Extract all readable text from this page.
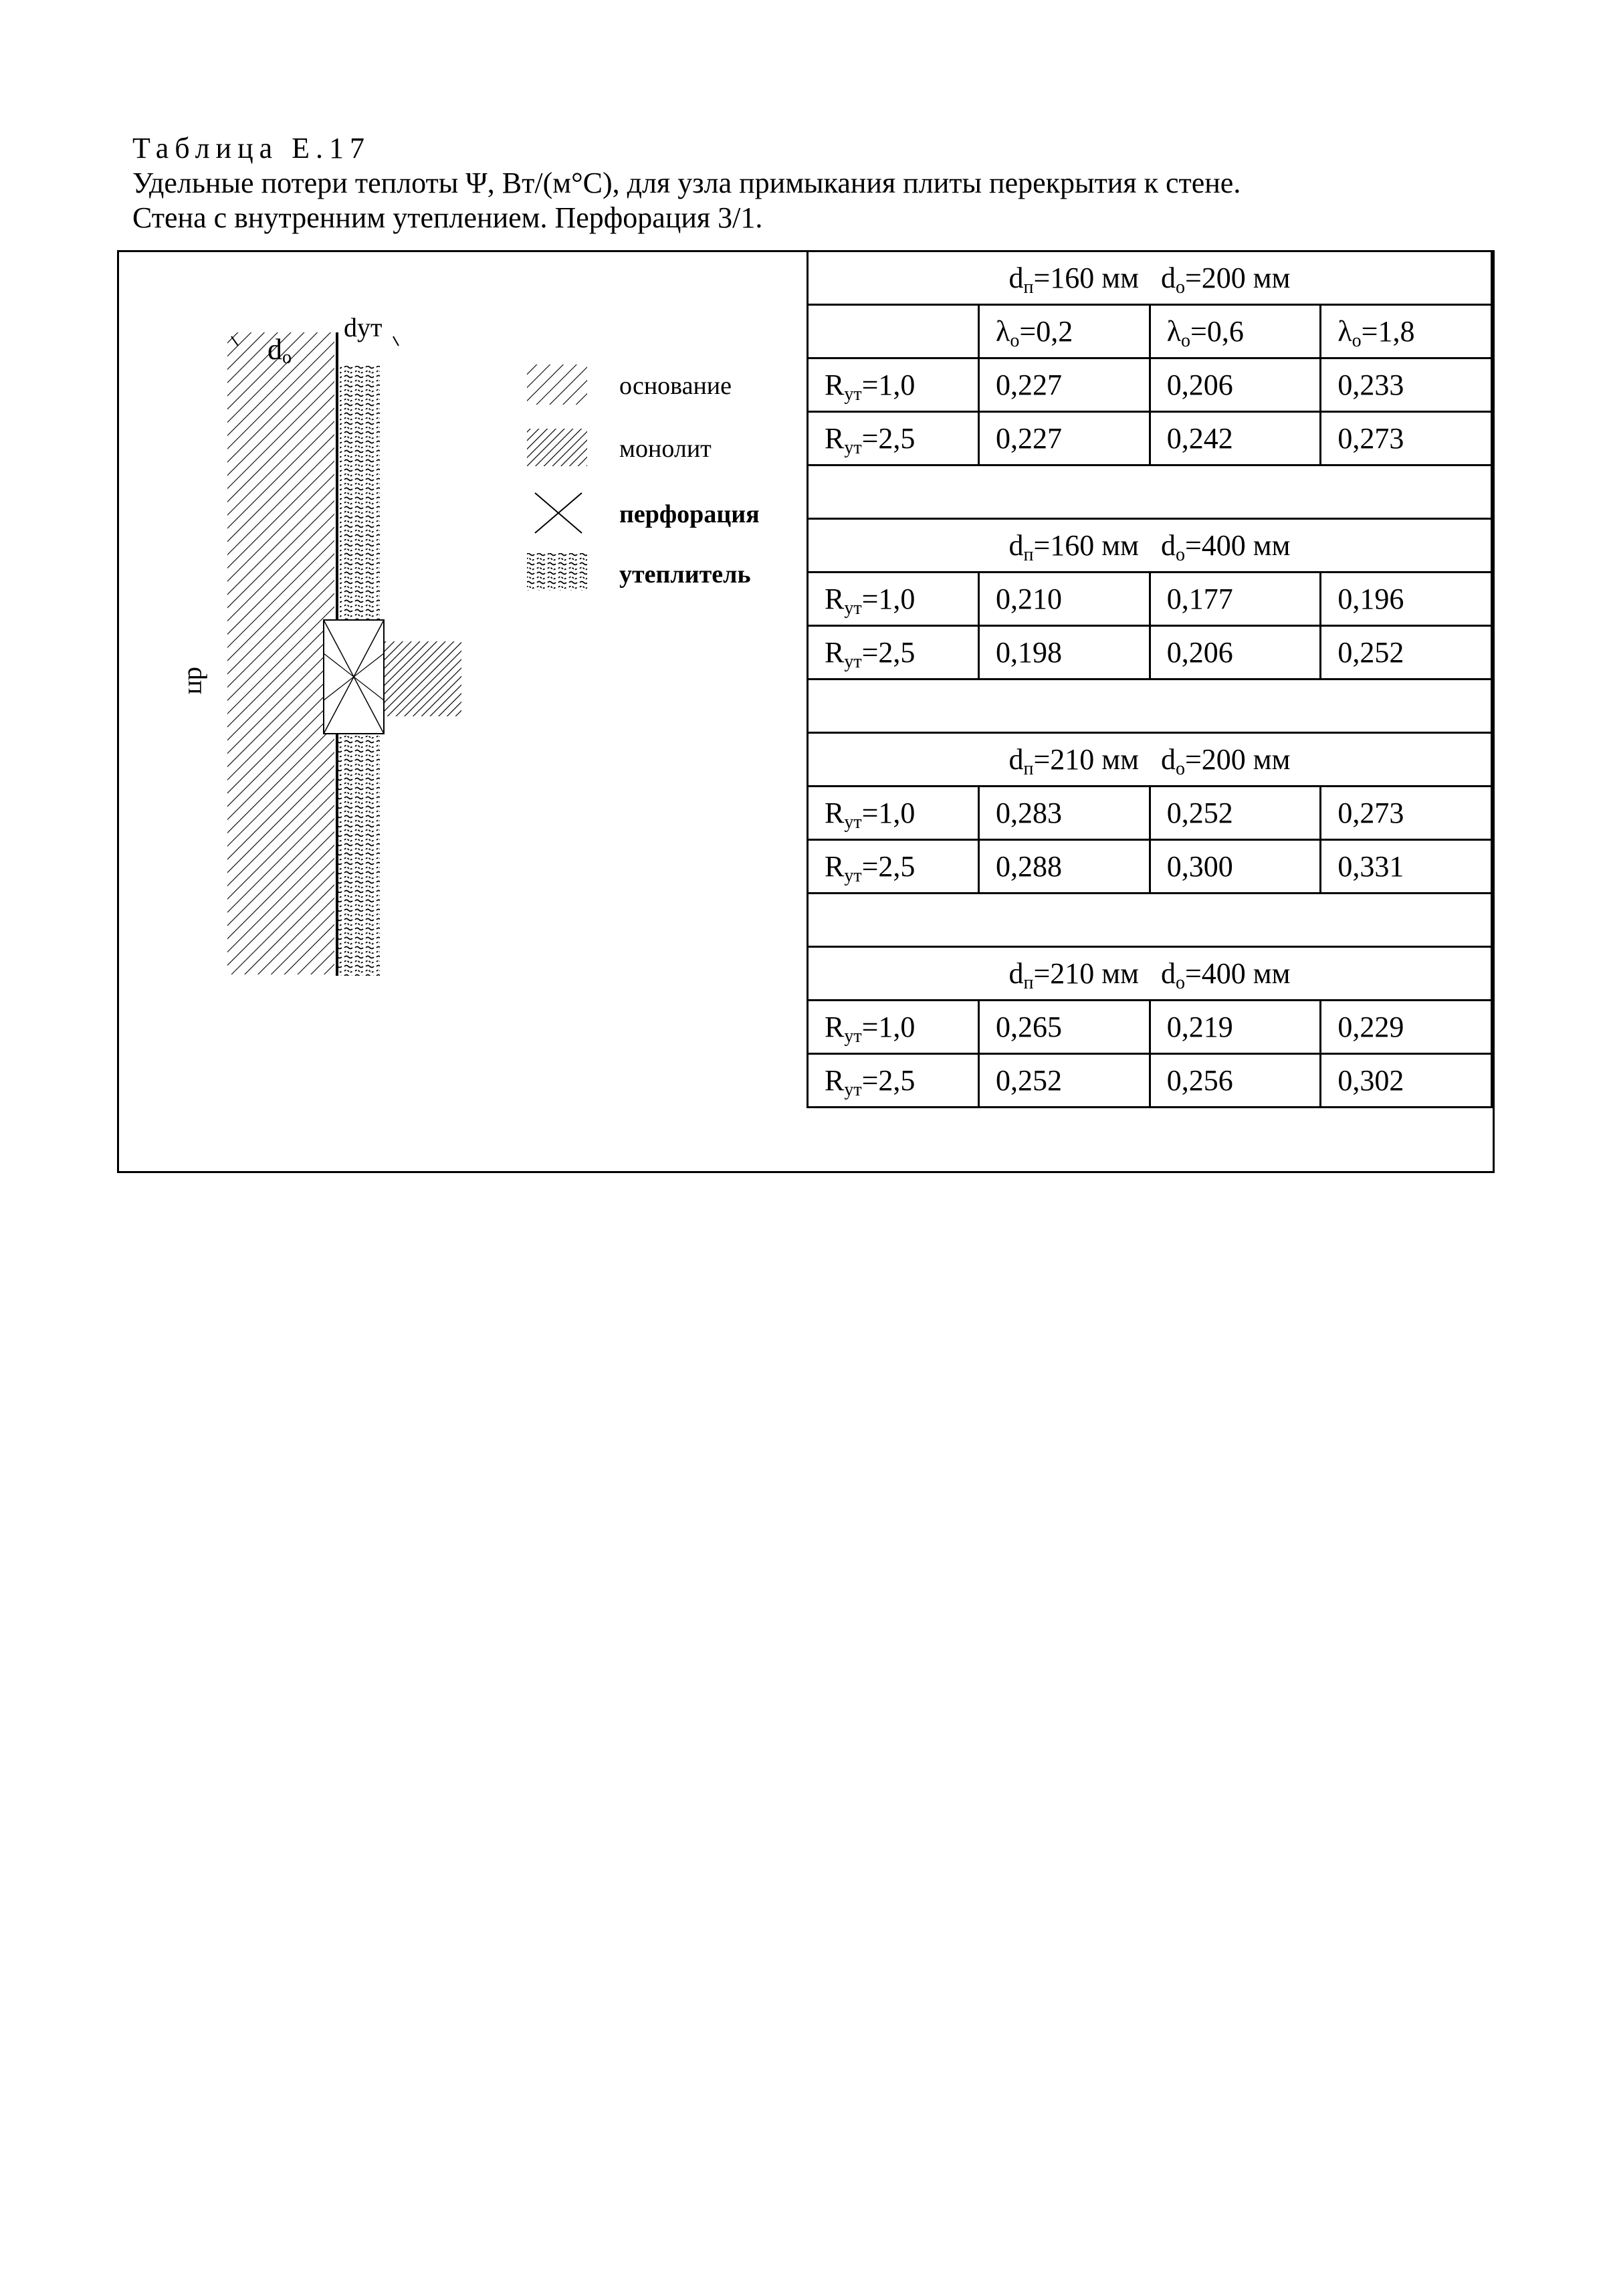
Таблица Е.17
Удельные потери теплоты Ψ, Вт/(м°С), для узла примыкания плиты перекрытия к стене.
Стена с внутренним утеплением. Перфорация 3/1.
dо
dут
dп
основание
монолит
перфорация
утеплитель
$d_п=160$ мм   $d_о=200$ мм			
	$\lambda_о=0,2$	$\lambda_о=0,6$	$\lambda_о=1,8$
$R_{ут}=1,0$	0,227	0,206	0,233
$R_{ут}=2,5$	0,227	0,242	0,273

$d_п=160$ мм   $d_о=400$ мм			
$R_{ут}=1,0$	0,210	0,177	0,196
$R_{ут}=2,5$	0,198	0,206	0,252

$d_п=210$ мм   $d_о=200$ мм			
$R_{ут}=1,0$	0,283	0,252	0,273
$R_{ут}=2,5$	0,288	0,300	0,331

$d_п=210$ мм   $d_о=400$ мм			
$R_{ут}=1,0$	0,265	0,219	0,229
$R_{ут}=2,5$	0,252	0,256	0,302
